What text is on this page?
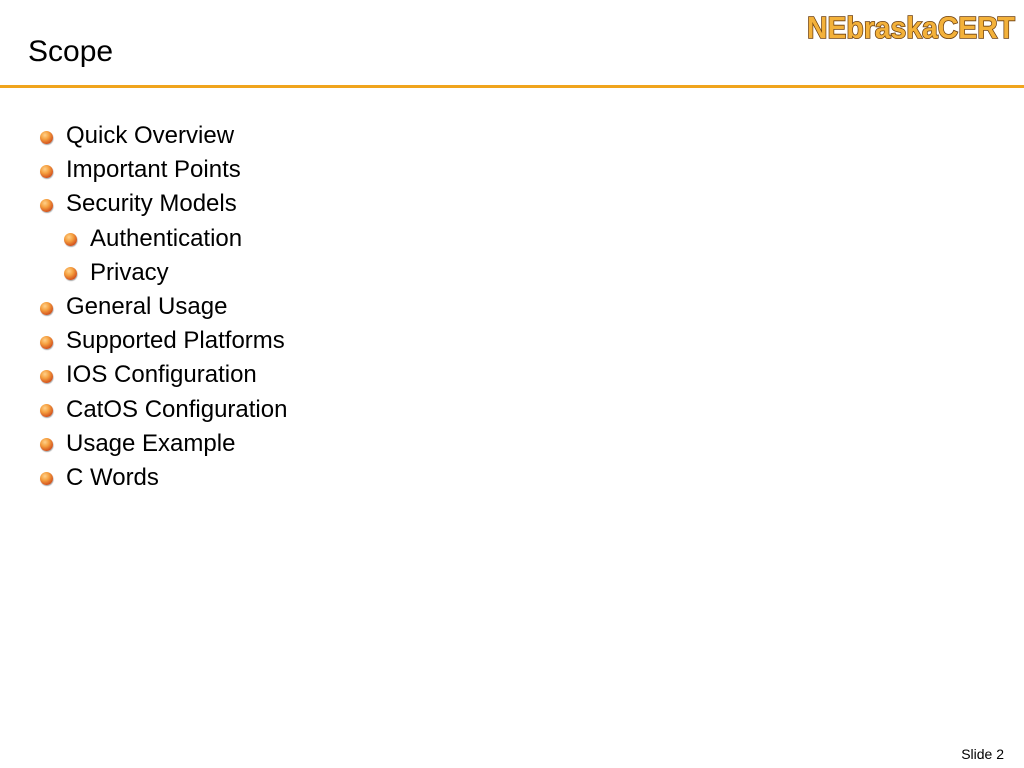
Scope
NEbraskaCERT
Quick Overview
Important Points
Security Models
Authentication
Privacy
General Usage
Supported Platforms
IOS Configuration
CatOS Configuration
Usage Example
C Words
Slide 2
